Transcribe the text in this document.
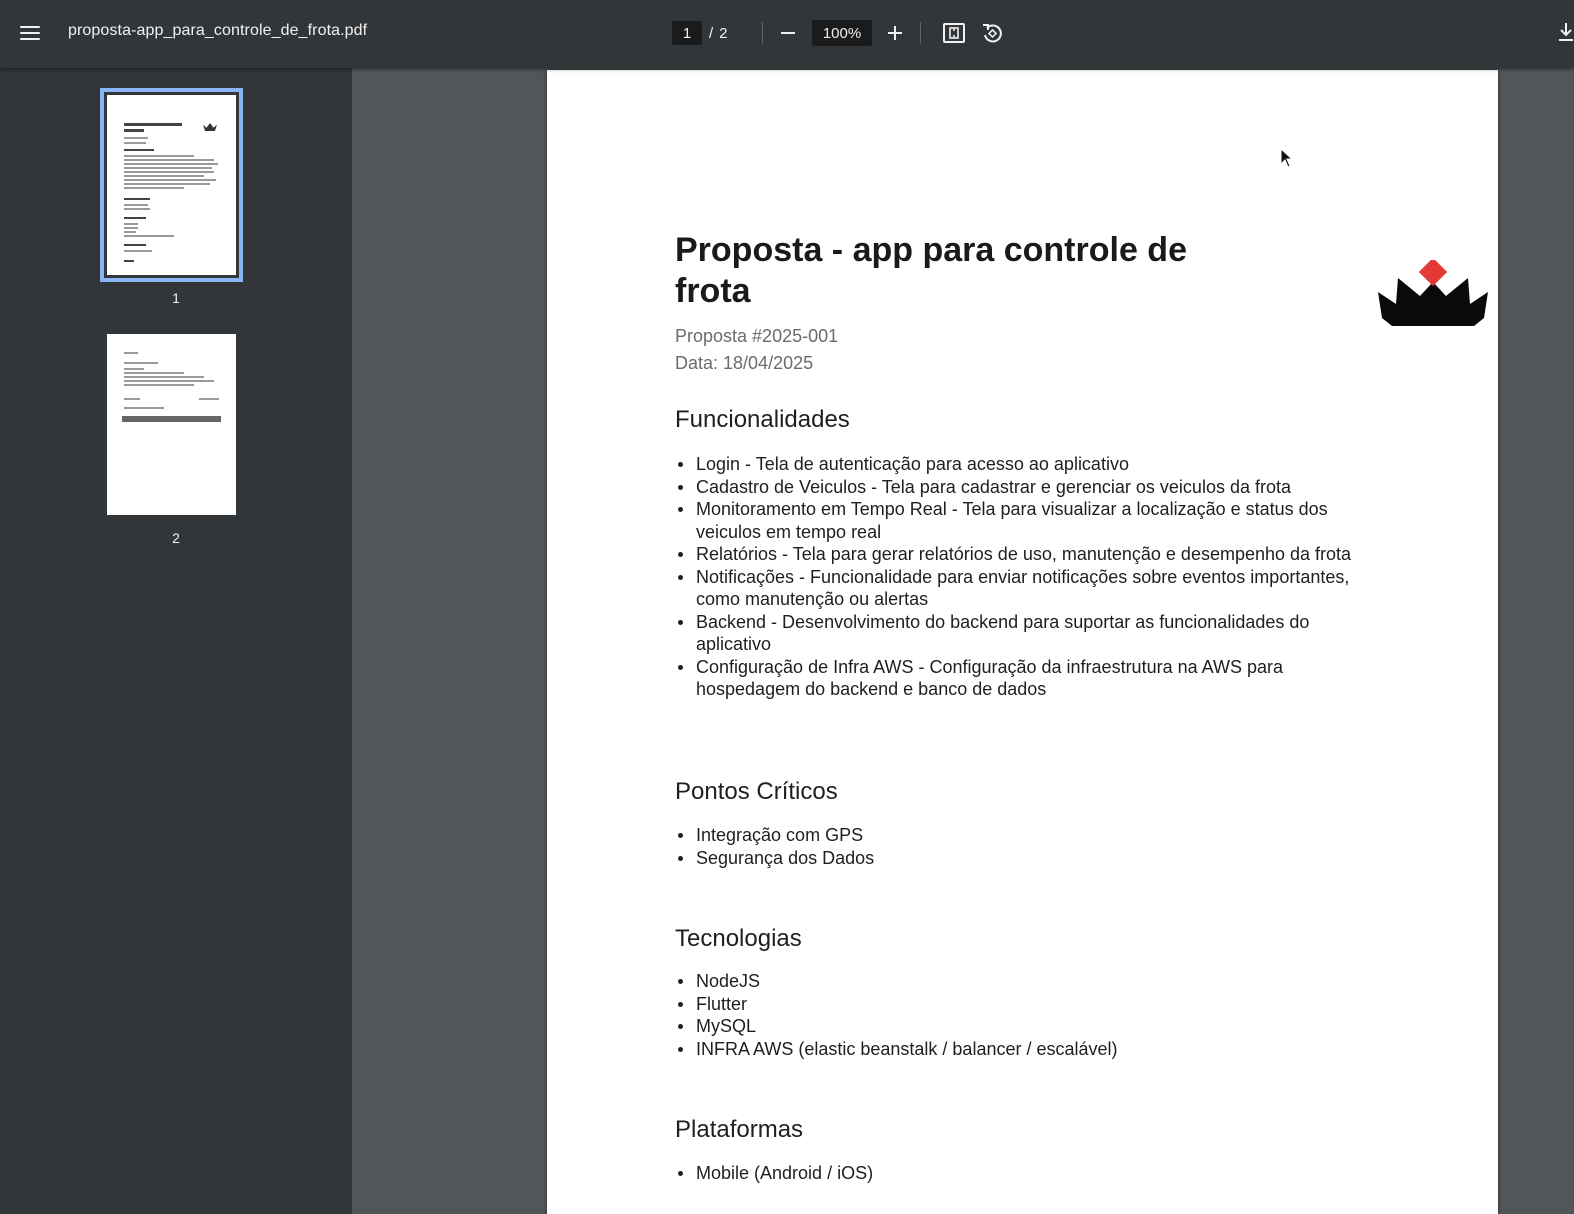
proposta-app_para_controle_de_frota.pdf
1	/ 2	100%
1
2
Proposta - app para controle de frota
Proposta #2025-001
Data: 18/04/2025
Funcionalidades
Login - Tela de autenticação para acesso ao aplicativo
Cadastro de Veiculos - Tela para cadastrar e gerenciar os veiculos da frota
Monitoramento em Tempo Real - Tela para visualizar a localização e status dos veiculos em tempo real
Relatórios - Tela para gerar relatórios de uso, manutenção e desempenho da frota
Notificações - Funcionalidade para enviar notificações sobre eventos importantes, como manutenção ou alertas
Backend - Desenvolvimento do backend para suportar as funcionalidades do aplicativo
Configuração de Infra AWS - Configuração da infraestrutura na AWS para hospedagem do backend e banco de dados
Pontos Críticos
Integração com GPS
Segurança dos Dados
Tecnologias
NodeJS
Flutter
MySQL
INFRA AWS (elastic beanstalk / balancer / escalável)
Plataformas
Mobile (Android / iOS)
